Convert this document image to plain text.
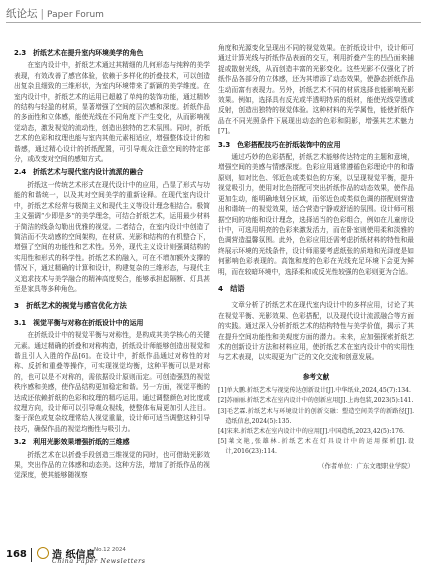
纸论坛 | Paper Forum
2.3　折纸艺术在提升室内环境美学的角色

在室内设计中，折纸艺术通过其精细的几何形态与纯粹的美学表现，有效改善了感官体验，依赖于多样化的折叠技术，可以创造出复杂且细致的三维形状，为室内环境带来了新颖的美学维度。在室内设计中，折纸艺术的运用已超越了单纯的装饰功能，通过精妙的结构与轻盈的材质，显著增强了空间的层次感和深度。折纸作品的多面性和立体感，能使光线在不同角度下产生变化，从而影响视觉动态，激发视觉的流动性，创造出独特的艺术氛围。同时，折纸艺术的色彩和纹理也能与室内其他元素相适应，增强整体设计的和谐感，通过精心设计的折纸配置，可引导观众注意空间的特定部分，或改变对空间的感知方式。

2.4　折纸艺术与现代室内设计流派的融合

折纸这一传统艺术形式在现代设计中的应用，凸显了形式与功能的和谐统一，以及其对空间美学的重新诠释。在现代室内设计中，折纸艺术经常与极简主义和现代主义等设计理念相结合。极简主义强调“少即是多”的美学理念，可结合折纸艺术，运用最少材料于简洁的线条勾勒出优雅的视觉。二者结合，在室内设计中创造了简洁而不失动感的空间架构，在材质、光影和结构的有机整合下，增强了空间的功能性和艺术性。另外，现代主义设计则强调结构的实用性和形式的科学性。折纸艺术的融入，可在不增加额外支撑的情况下，通过精确的计算和设计，构建复杂的三维形态，与现代主义追求技术与美学融合的精神高度契合，能够承担起隔断、灯具甚至是家具等多种角色。

3　折纸艺术的视觉与感官优化方法
3.1　视觉平衡与对称在折纸设计中的运用

在折纸设计中的视觉平衡与对称性，是构成其美学核心的关键元素。通过精确的折叠和对称构造，折纸设计师能够创造出视觉和谐且引人入胜的作品[6]。在设计中，折纸作品通过对称性的对称、反折和重叠等操作，可实现视觉均衡，这种平衡可以是对称的，也可以是不对称的，需依据设计原则而定。可创造强烈的视觉秩序感和美感，使作品结构更加稳定和谐。另一方面，视觉平衡的达成还依赖折纸的色彩和纹理的精巧运用。通过调整颜色对比度或纹理方向，设计师可以引导观众视线，使整体布局更加引人注目。鉴于深色或复杂纹理常给人视觉重量，设计师可适当调整这种引导技巧，确保作品的视觉均衡性与吸引力。

3.2　利用光影效果增强折纸的三维感

折纸艺术在以折叠手段创造三维视觉的同时，也可借助光影效果，突出作品的立体感和动态美。这种方法，增加了折纸作品的视觉深度，使其能够随视察

角度和光源变化呈现出不同的视觉效果。在折纸设计中，设计师可通过计算光线与折纸作品表面的交互，利用折叠产生的凹凸面来捕捉或散射光线，从而创造丰富的光影变化。这些光影不仅强化了折纸作品各部分的立体感，还为其增添了动态效果，使静态折纸作品生动而富有表现力。另外，折纸艺术不同的材质选择也能影响光影效果。例如，选择具有反光或半透明特质的纸材，能使光线穿透或反射，创造出独特的视觉体验。这种材料的光学属性，能使折纸作品在不同光照条件下展现出动态的色彩和阴影，增强其艺术魅力[7]。

3.3　色彩搭配技巧在折纸装饰中的应用

通过巧妙的色彩搭配，折纸艺术能够传达特定的主题和意境，增强空间的美感与情感深度。色彩应用通常遵循色彩理论中的和谐原则，如对比色、邻近色或类似色的方案，以呈现视觉平衡，提升视觉吸引力，使用对比色搭配可突出折纸作品的动态效果，使作品更加生动，能明确地划分区域，而邻近色或类似色调的搭配则营造出和谐统一的视觉效果，适合营造宁静或舒适的氛围。设计师可根据空间的功能和设计理念，选择适当的色彩组合，例如在儿童房设计中，可选用明亮的色彩来激发活力，而在卧室则使用柔和淡雅的色调营造温馨氛围。此外，色彩应用还需考虑折纸材料的特性和最终展示环境的光线条件，设计师需要考虑纸张的质地和光泽度是如何影响色彩表现的。高饱和度的色彩在光线充足环境下会更为鲜明，而在较暗环境中，选择柔和或反光性较强的色彩则更为合适。

4　结语

文章分析了折纸艺术在现代室内设计中的多样应用，讨论了其在视觉平衡、光影效果、色彩搭配，以及现代设计流派融合等方面的实践。通过深入分析折纸艺术的结构特性与美学价值，揭示了其在提升空间功能性和美观度方面的潜力。未来，应加强探索折纸艺术的创新设计方法和材料应用，使折纸艺术在室内设计中的实用性与艺术表现，以实现更为广泛的文化交流和创意发展。

参考文献

[1]单大鹏.折纸艺术与视觉传达创新设计[J].中华纸业,2024,45(7):134.

[2]苏丽丽.折纸艺术在室内设计中的创新应用[J].上海包装,2023(5):141.

[3]毛艺霖.折纸艺术与环境设计的创新交融：塑造空间美学的新路径[J].造纸信息,2024(5):135.

[4]宋来.折纸艺术在室内设计中的应用[J].中国造纸,2023,42(5):176.

[5]莱文艳,张雄林.折纸艺术在灯具设计中的运用探析[J].设计,2016(23):114.

（作者单位：广东文理职业学院）

168	造 纸信息
No.12 2024
China Paper Newsletters
